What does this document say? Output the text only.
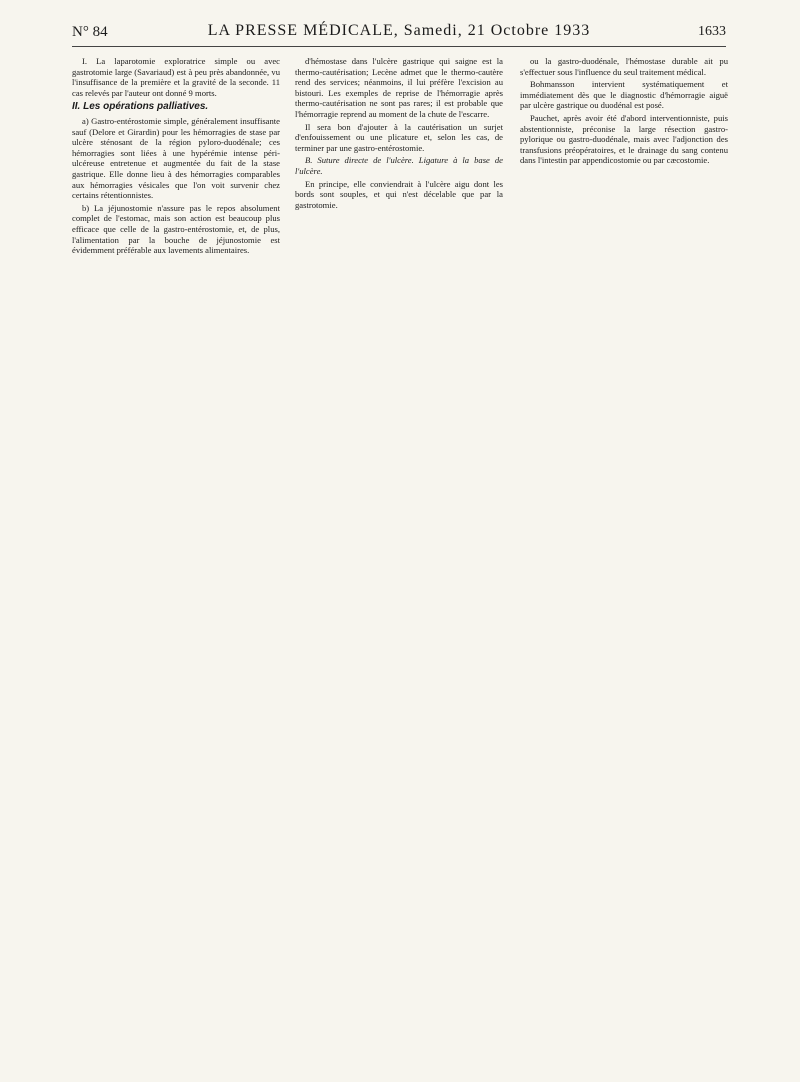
N° 84	LA PRESSE MÉDICALE, Samedi, 21 Octobre 1933	1633

I. La laparotomie exploratrice simple ou avec gastrotomie large (Savariaud) est à peu près abandonnée, vu l'insuffisance de la première et la gravité de la seconde. 11 cas relevés par l'auteur ont donné 9 morts.

II. Les opérations palliatives.

a) Gastro-entérostomie simple, généralement insuffisante sauf (Delore et Girardin) pour les hémorragies de stase par ulcère sténosant de la région pyloro-duodénale; ces hémorragies sont liées à une hypérémie intense péri-ulcéreuse entretenue et augmentée du fait de la stase gastrique. Elle donne lieu à des hémorragies comparables aux hémorragies vésicales que l'on voit survenir chez certains rétentionnistes.

b) La jéjunostomie n'assure pas le repos absolument complet de l'estomac, mais son action est beaucoup plus efficace que celle de la gastro-entérostomie, et, de plus, l'alimentation par la bouche de jéjunostomie est évidemment préférable aux lavements alimentaires.

d'hémostase dans l'ulcère gastrique qui saigne est la thermo-cautérisation; Lecène admet que le thermo-cautère rend des services; néanmoins, il lui préfère l'excision au bistouri. Les exemples de reprise de l'hémorragie après thermo-cautérisation ne sont pas rares; il est probable que l'hémorragie reprend au moment de la chute de l'escarre.

Il sera bon d'ajouter à la cautérisation un surjet d'enfouissement ou une plicature et, selon les cas, de terminer par une gastro-entérostomie.

B. Suture directe de l'ulcère. Ligature à la base de l'ulcère.

En principe, elle conviendrait à l'ulcère aigu dont les bords sont souples, et qui n'est décelable que par la gastrotomie.

ou la gastro-duodénale, l'hémostase durable ait pu s'effectuer sous l'influence du seul traitement médical.

Bohmansson intervient systématiquement et immédiatement dès que le diagnostic d'hémorragie aiguë par ulcère gastrique ou duodénal est posé.

Pauchet, après avoir été d'abord interventionniste, puis abstentionniste, préconise la large résection gastro-pylorique ou gastro-duodénale, mais avec l'adjonction des transfusions préopératoires, et le drainage du sang contenu dans l'intestin par appendicostomie ou par cæcostomie.
